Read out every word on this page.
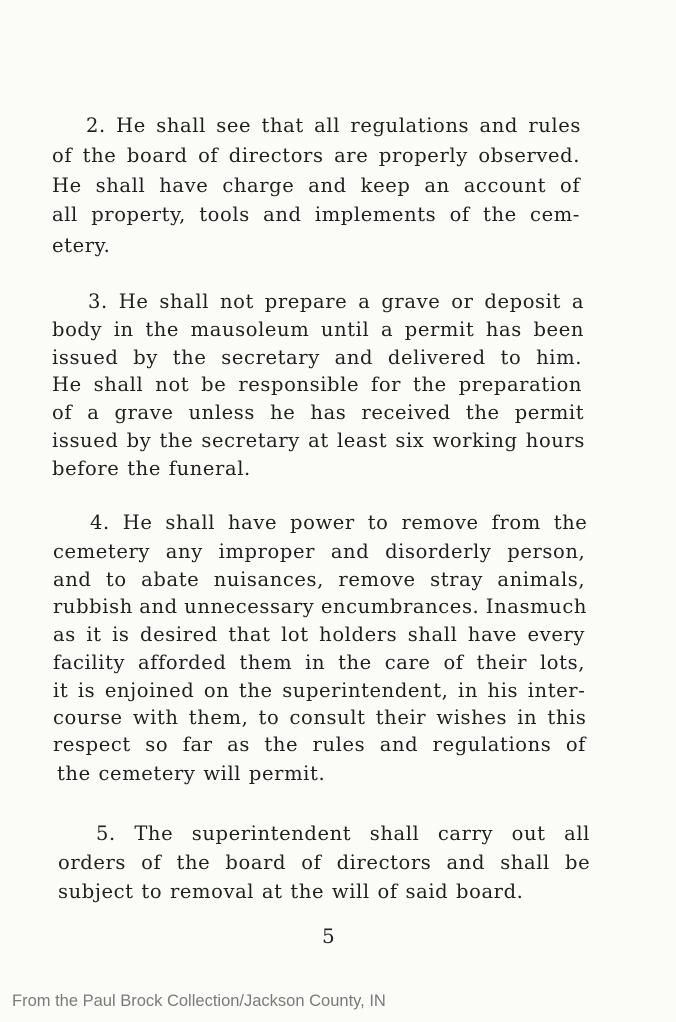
2. He shall see that all regulations and rules
of the board of directors are properly observed.
He shall have charge and keep an account of
all property, tools and implements of the cem-
etery.
3. He shall not prepare a grave or deposit a
body in the mausoleum until a permit has been
issued by the secretary and delivered to him.
He shall not be responsible for the preparation
of a grave unless he has received the permit
issued by the secretary at least six working hours
before the funeral.
4. He shall have power to remove from the
cemetery any improper and disorderly person,
and to abate nuisances, remove stray animals,
rubbish and unnecessary encumbrances. Inasmuch
as it is desired that lot holders shall have every
facility afforded them in the care of their lots,
it is enjoined on the superintendent, in his inter-
course with them, to consult their wishes in this
respect so far as the rules and regulations of
the cemetery will permit.
5. The superintendent shall carry out all
orders of the board of directors and shall be
subject to removal at the will of said board.
5
From the Paul Brock Collection/Jackson County, IN
